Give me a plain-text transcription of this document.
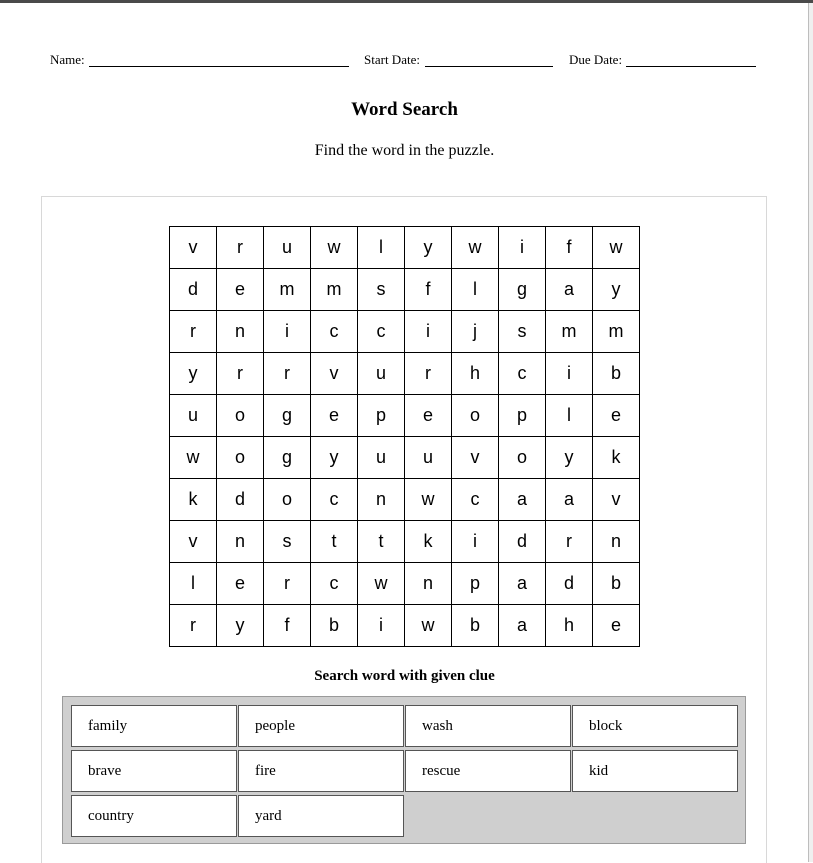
Name:	Start Date:	Due Date:
Word Search
Find the word in the puzzle.
v	r	u	w	l	y	w	i	f	w
d	e	m	m	s	f	l	g	a	y
r	n	i	c	c	i	j	s	m	m
y	r	r	v	u	r	h	c	i	b
u	o	g	e	p	e	o	p	l	e
w	o	g	y	u	u	v	o	y	k
k	d	o	c	n	w	c	a	a	v
v	n	s	t	t	k	i	d	r	n
l	e	r	c	w	n	p	a	d	b
r	y	f	b	i	w	b	a	h	e
Search word with given clue
family	people	wash	block
brave	fire	rescue	kid
country	yard
